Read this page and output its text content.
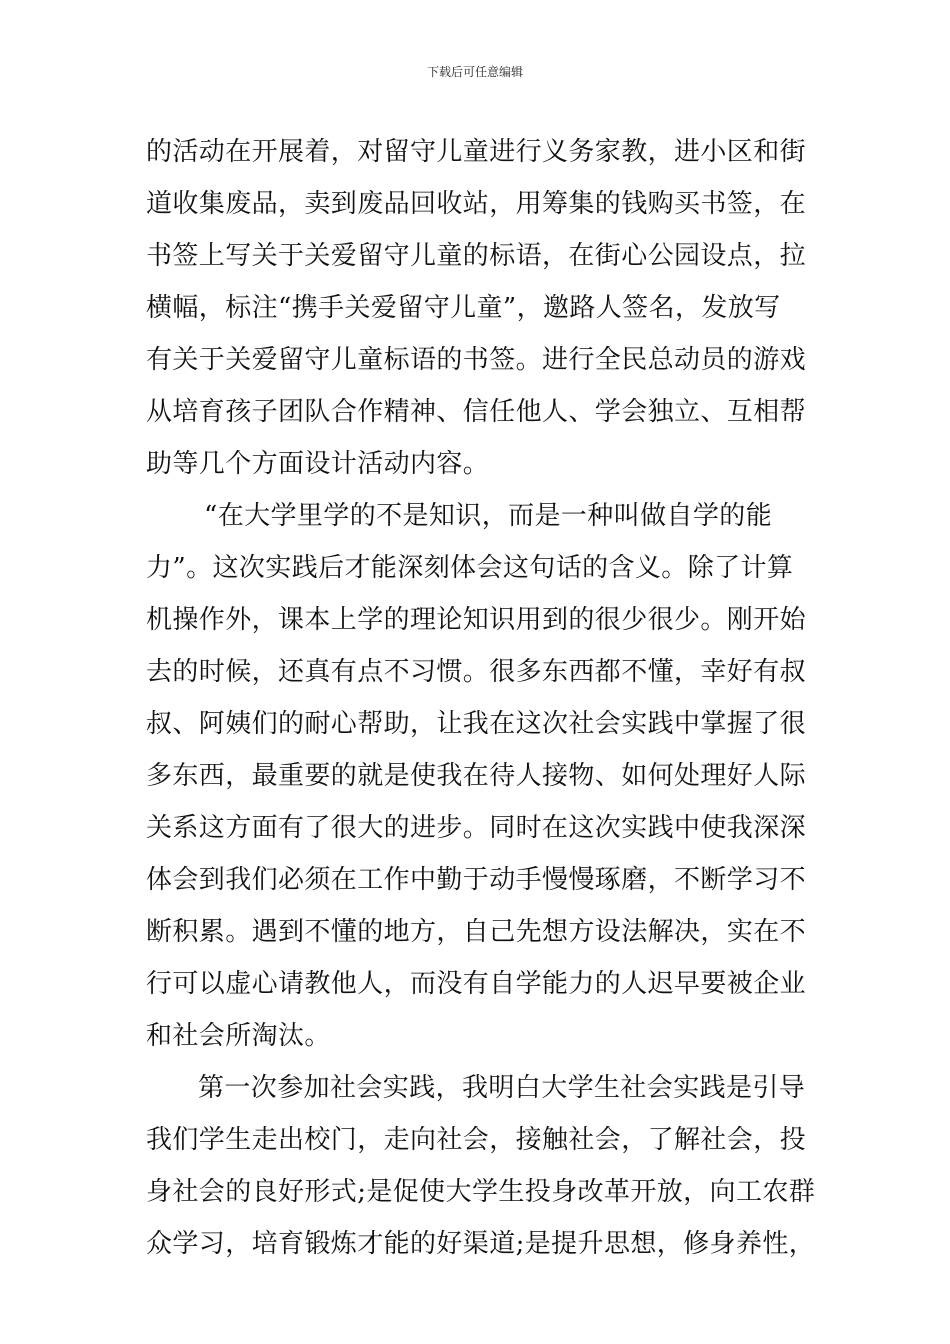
下载后可任意编辑
的活动在开展着，对留守儿童进行义务家教，进小区和街
道收集废品，卖到废品回收站，用筹集的钱购买书签，在
书签上写关于关爱留守儿童的标语，在街心公园设点，拉
横幅，标注“携手关爱留守儿童”，邀路人签名，发放写
有关于关爱留守儿童标语的书签。进行全民总动员的游戏
从培育孩子团队合作精神、信任他人、学会独立、互相帮
助等几个方面设计活动内容。
“在大学里学的不是知识，而是一种叫做自学的能
力”。这次实践后才能深刻体会这句话的含义。除了计算
机操作外，课本上学的理论知识用到的很少很少。刚开始
去的时候，还真有点不习惯。很多东西都不懂，幸好有叔
叔、阿姨们的耐心帮助，让我在这次社会实践中掌握了很
多东西，最重要的就是使我在待人接物、如何处理好人际
关系这方面有了很大的进步。同时在这次实践中使我深深
体会到我们必须在工作中勤于动手慢慢琢磨，不断学习不
断积累。遇到不懂的地方，自己先想方设法解决，实在不
行可以虚心请教他人，而没有自学能力的人迟早要被企业
和社会所淘汰。
第一次参加社会实践，我明白大学生社会实践是引导
我们学生走出校门，走向社会，接触社会，了解社会，投
身社会的良好形式;是促使大学生投身改革开放，向工农群
众学习，培育锻炼才能的好渠道;是提升思想，修身养性，
